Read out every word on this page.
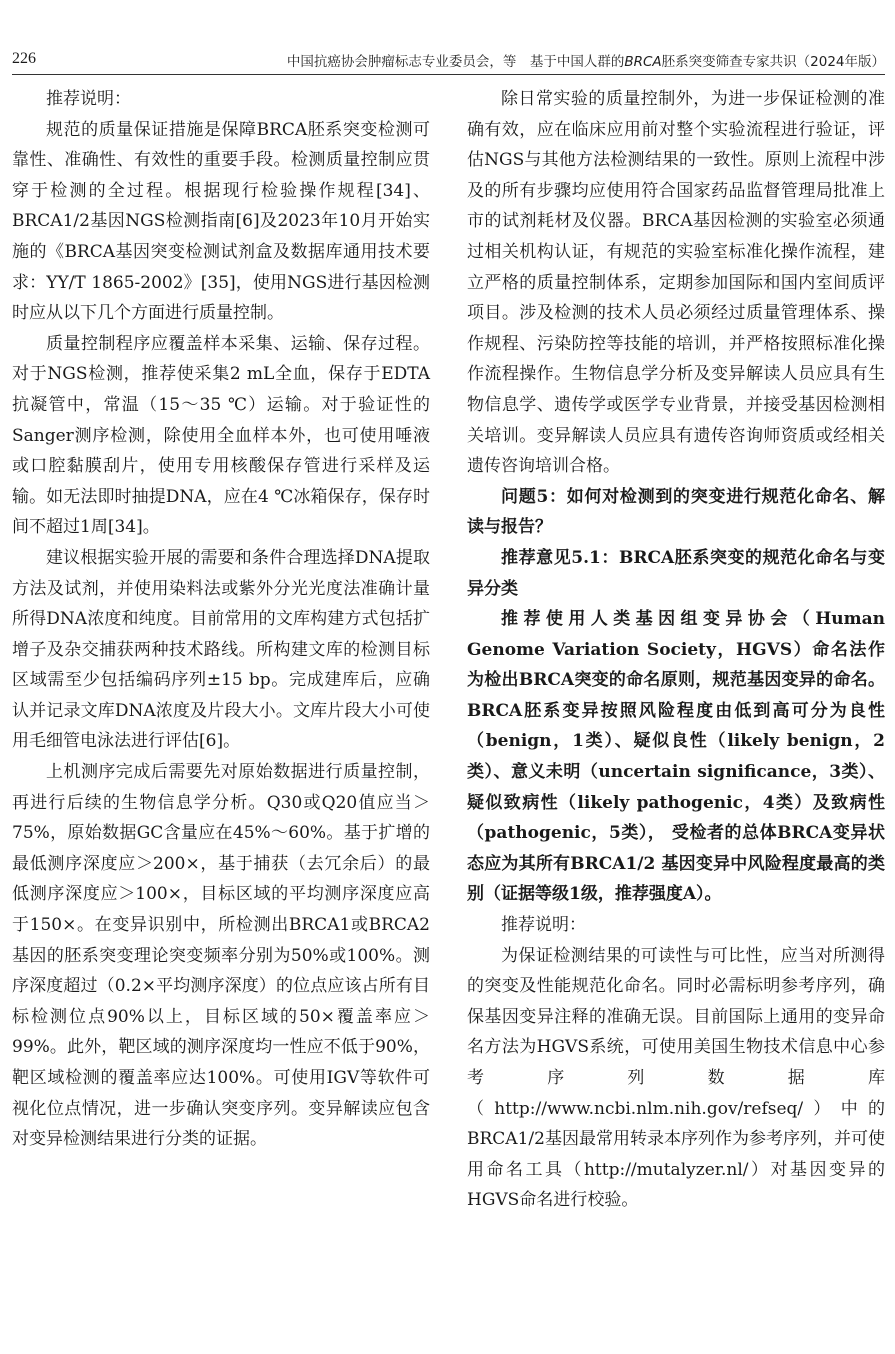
226	中国抗癌协会肿瘤标志专业委员会，等　基于中国人群的BRCA胚系突变筛查专家共识（2024年版）

推荐说明：

规范的质量保证措施是保障BRCA胚系突变检测可靠性、准确性、有效性的重要手段。检测质量控制应贯穿于检测的全过程。根据现行检验操作规程[34]、BRCA1/2基因NGS检测指南[6]及2023年10月开始实施的《BRCA基因突变检测试剂盒及数据库通用技术要求：YY/T 1865-2002》[35]，使用NGS进行基因检测时应从以下几个方面进行质量控制。

质量控制程序应覆盖样本采集、运输、保存过程。对于NGS检测，推荐使采集2 mL全血，保存于EDTA抗凝管中，常温（15～35 ℃）运输。对于验证性的Sanger测序检测，除使用全血样本外，也可使用唾液或口腔黏膜刮片，使用专用核酸保存管进行采样及运输。如无法即时抽提DNA，应在4 ℃冰箱保存，保存时间不超过1周[34]。

建议根据实验开展的需要和条件合理选择DNA提取方法及试剂，并使用染料法或紫外分光光度法准确计量所得DNA浓度和纯度。目前常用的文库构建方式包括扩增子及杂交捕获两种技术路线。所构建文库的检测目标区域需至少包括编码序列±15 bp。完成建库后，应确认并记录文库DNA浓度及片段大小。文库片段大小可使用毛细管电泳法进行评估[6]。

上机测序完成后需要先对原始数据进行质量控制，再进行后续的生物信息学分析。Q30或Q20值应当＞75%，原始数据GC含量应在45%～60%。基于扩增的最低测序深度应＞200×，基于捕获（去冗余后）的最低测序深度应＞100×，目标区域的平均测序深度应高于150×。在变异识别中，所检测出BRCA1或BRCA2基因的胚系突变理论突变频率分别为50%或100%。测序深度超过（0.2×平均测序深度）的位点应该占所有目标检测位点90%以上，目标区域的50×覆盖率应＞99%。此外，靶区域的测序深度均一性应不低于90%，靶区域检测的覆盖率应达100%。可使用IGV等软件可视化位点情况，进一步确认突变序列。变异解读应包含对变异检测结果进行分类的证据。

除日常实验的质量控制外，为进一步保证检测的准确有效，应在临床应用前对整个实验流程进行验证，评估NGS与其他方法检测结果的一致性。原则上流程中涉及的所有步骤均应使用符合国家药品监督管理局批准上市的试剂耗材及仪器。BRCA基因检测的实验室必须通过相关机构认证，有规范的实验室标准化操作流程，建立严格的质量控制体系，定期参加国际和国内室间质评项目。涉及检测的技术人员必须经过质量管理体系、操作规程、污染防控等技能的培训，并严格按照标准化操作流程操作。生物信息学分析及变异解读人员应具有生物信息学、遗传学或医学专业背景，并接受基因检测相关培训。变异解读人员应具有遗传咨询师资质或经相关遗传咨询培训合格。

问题5：如何对检测到的突变进行规范化命名、解读与报告？

推荐意见5.1：BRCA胚系突变的规范化命名与变异分类

推荐使用人类基因组变异协会（Human Genome Variation Society，HGVS）命名法作为检出BRCA突变的命名原则，规范基因变异的命名。BRCA胚系变异按照风险程度由低到高可分为良性（benign，1类）、疑似良性（likely benign，2类）、意义未明（uncertain significance，3类）、疑似致病性（likely pathogenic，4类）及致病性（pathogenic，5类）， 受检者的总体BRCA变异状态应为其所有BRCA1/2 基因变异中风险程度最高的类别（证据等级1级，推荐强度A）。

推荐说明：

为保证检测结果的可读性与可比性，应当对所测得的突变及性能规范化命名。同时必需标明参考序列，确保基因变异注释的准确无误。目前国际上通用的变异命名方法为HGVS系统，可使用美国生物技术信息中心参考序列数据库（http://www.ncbi.nlm.nih.gov/refseq/）中的BRCA1/2基因最常用转录本序列作为参考序列，并可使用命名工具（http://mutalyzer.nl/）对基因变异的HGVS命名进行校验。
